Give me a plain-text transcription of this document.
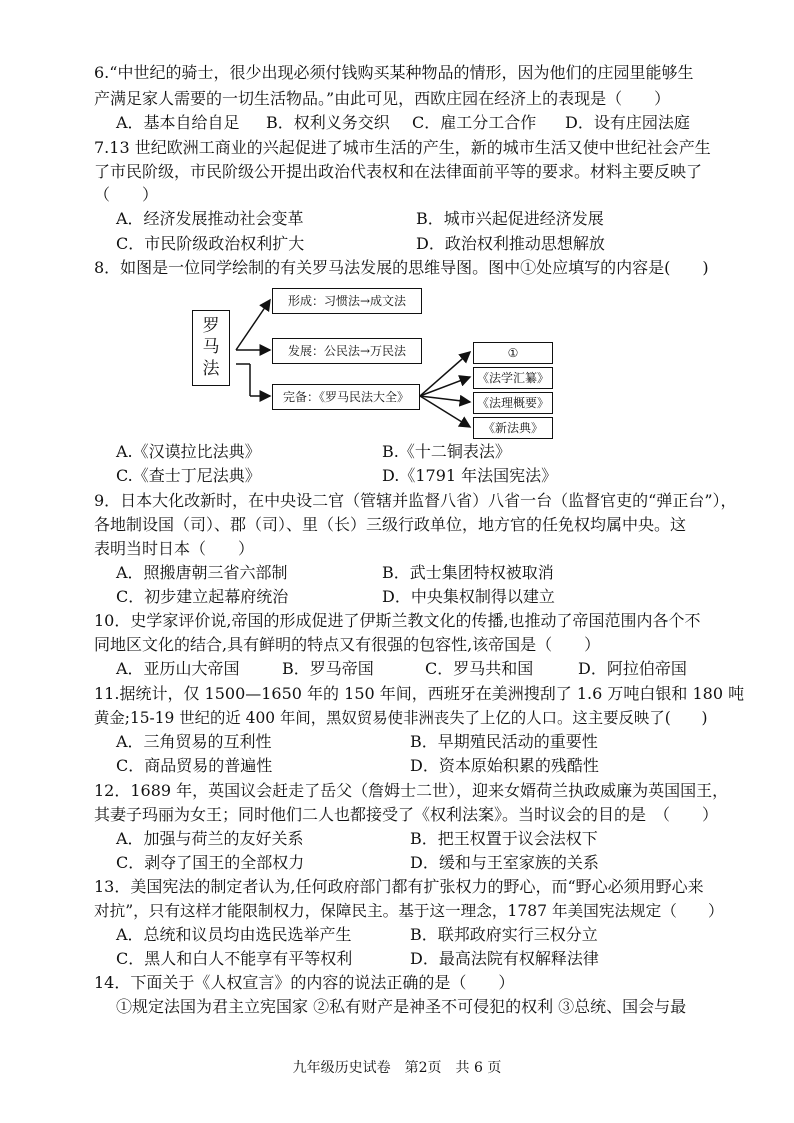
6.“中世纪的骑士，很少出现必须付钱购买某种物品的情形，因为他们的庄园里能够生
产满足家人需要的一切生活物品。”由此可见，西欧庄园在经济上的表现是（　　）
A．基本自给自足 B．权利义务交织 C．雇工分工合作 D．设有庄园法庭
7.13 世纪欧洲工商业的兴起促进了城市生活的产生，新的城市生活又使中世纪社会产生
了市民阶级，市民阶级公开提出政治代表权和在法律面前平等的要求。材料主要反映了
（　　）
A．经济发展推动社会变革	B．城市兴起促进经济发展
C．市民阶级政治权利扩大	D．政治权利推动思想解放
8．如图是一位同学绘制的有关罗马法发展的思维导图。图中①处应填写的内容是(　　)
罗
马
法
形成：习惯法→成文法
发展：公民法→万民法
完备：《罗马民法大全》
①
《法学汇纂》
《法理概要》
《新法典》
A.《汉谟拉比法典》	B.《十二铜表法》
C.《查士丁尼法典》	D.《1791 年法国宪法》
9．日本大化改新时，在中央设二官（管辖并监督八省）八省一台（监督官吏的“弹正台”），
各地制设国（司）、郡（司）、里（长）三级行政单位，地方官的任免权均属中央。这
表明当时日本（　　）
A．照搬唐朝三省六部制	B．武士集团特权被取消
C．初步建立起幕府统治	D．中央集权制得以建立
10．史学家评价说,帝国的形成促进了伊斯兰教文化的传播,也推动了帝国范围内各个不
同地区文化的结合,具有鲜明的特点又有很强的包容性,该帝国是（　　）
A．亚历山大帝国	B．罗马帝国	C．罗马共和国	D．阿拉伯帝国
11.据统计，仅 1500—1650 年的 150 年间，西班牙在美洲搜刮了 1.6 万吨白银和 180 吨
黄金;15-19 世纪的近 400 年间，黑奴贸易使非洲丧失了上亿的人口。这主要反映了(　　)
A．三角贸易的互利性	B．早期殖民活动的重要性
C．商品贸易的普遍性	D．资本原始积累的残酷性
12．1689 年，英国议会赶走了岳父（詹姆士二世），迎来女婿荷兰执政威廉为英国国王，
其妻子玛丽为女王；同时他们二人也都接受了《权利法案》。当时议会的目的是　（　　）
A．加强与荷兰的友好关系	B．把王权置于议会法权下
C．剥夺了国王的全部权力	D．缓和与王室家族的关系
13．美国宪法的制定者认为,任何政府部门都有扩张权力的野心，而“野心必须用野心来
对抗”，只有这样才能限制权力，保障民主。基于这一理念，1787 年美国宪法规定（　　）
A．总统和议员均由选民选举产生	B．联邦政府实行三权分立
C．黑人和白人不能享有平等权利	D．最高法院有权解释法律
14．下面关于《人权宣言》的内容的说法正确的是（　　）
①规定法国为君主立宪国家 ②私有财产是神圣不可侵犯的权利 ③总统、国会与最
九年级历史试卷　第2页　共 6 页
